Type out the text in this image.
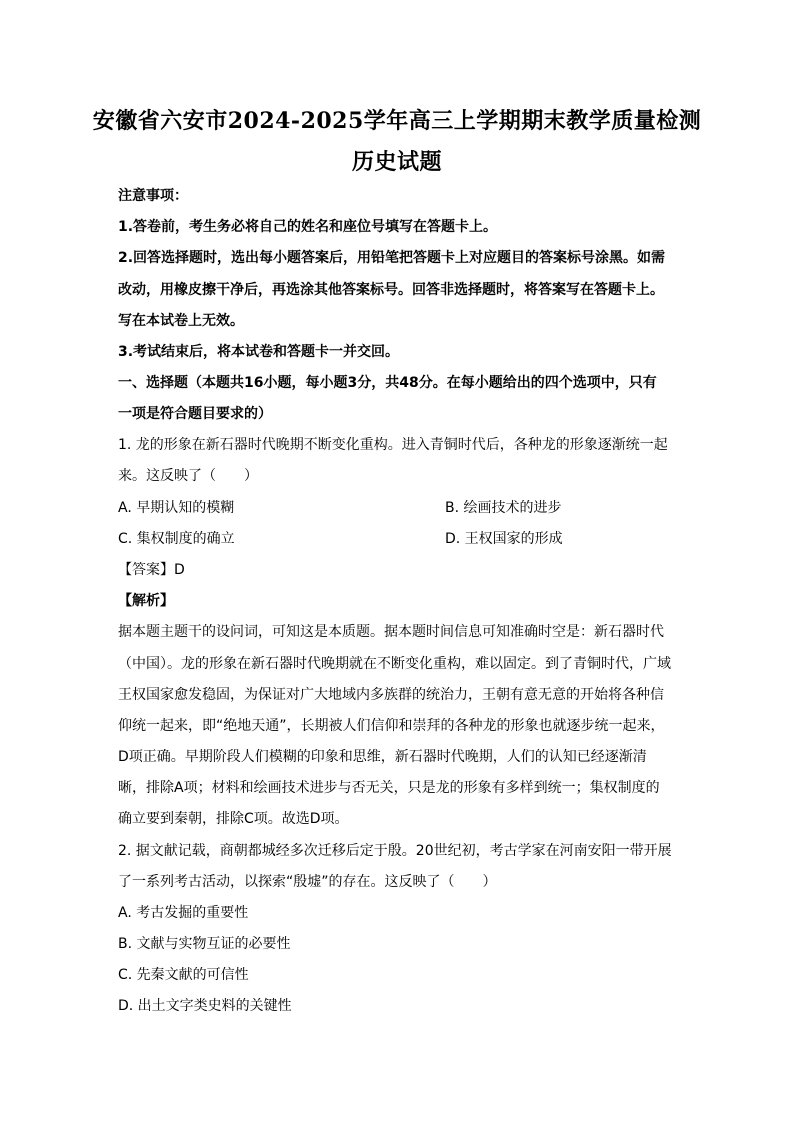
安徽省六安市2024-2025学年高三上学期期末教学质量检测
历史试题
注意事项：
1.答卷前，考生务必将自己的姓名和座位号填写在答题卡上。
2.回答选择题时，选出每小题答案后，用铅笔把答题卡上对应题目的答案标号涂黑。如需
改动，用橡皮擦干净后，再选涂其他答案标号。回答非选择题时，将答案写在答题卡上。
写在本试卷上无效。
3.考试结束后，将本试卷和答题卡一并交回。
一、选择题（本题共16小题，每小题3分，共48分。在每小题给出的四个选项中，只有
一项是符合题目要求的）
1. 龙的形象在新石器时代晚期不断变化重构。进入青铜时代后，各种龙的形象逐渐统一起
来。这反映了（　　）
A. 早期认知的模糊	B. 绘画技术的进步
C. 集权制度的确立	D. 王权国家的形成
【答案】D
【解析】
据本题主题干的设问词，可知这是本质题。据本题时间信息可知准确时空是：新石器时代
（中国）。龙的形象在新石器时代晚期就在不断变化重构，难以固定。到了青铜时代，广域
王权国家愈发稳固，为保证对广大地域内多族群的统治力，王朝有意无意的开始将各种信
仰统一起来，即“绝地天通”，长期被人们信仰和崇拜的各种龙的形象也就逐步统一起来，
D项正确。早期阶段人们模糊的印象和思维，新石器时代晚期，人们的认知已经逐渐清
晰，排除A项；材料和绘画技术进步与否无关，只是龙的形象有多样到统一；集权制度的
确立要到秦朝，排除C项。故选D项。
2. 据文献记载，商朝都城经多次迁移后定于殷。20世纪初，考古学家在河南安阳一带开展
了一系列考古活动，以探索“殷墟”的存在。这反映了（　　）
A. 考古发掘的重要性
B. 文献与实物互证的必要性
C. 先秦文献的可信性
D. 出土文字类史料的关键性
